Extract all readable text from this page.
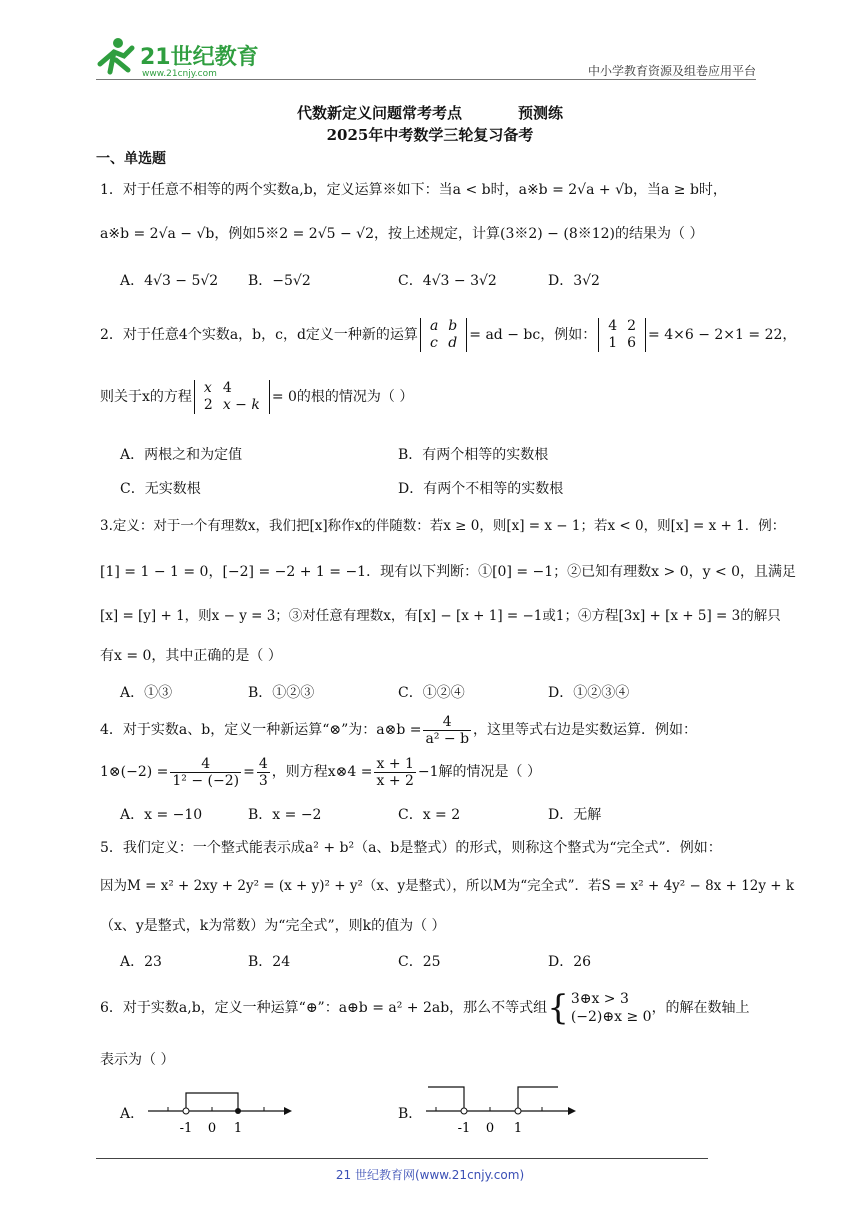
21世纪教育
www.21cnjy.com	中小学教育资源及组卷应用平台
代数新定义问题常考考点	预测练
2025年中考数学三轮复习备考
一、单选题
1．对于任意不相等的两个实数a,b，定义运算※如下：当a < b时，a※b = 2√a + √b，当a ≥ b时，
a※b = 2√a − √b，例如5※2 = 2√5 − √2，按上述规定，计算(3※2) − (8※12)的结果为（ ）
A．4√3 − 5√2 B．−5√2	C．4√3 − 3√2	D．3√2
2．对于任意4个实数a，b，c，d定义一种新的运算
a	b
c	d = ad − bc，例如：
4	2
1	6 = 4×6 − 2×1 = 22，
则关于x的方程
x	4
2	x − k = 0的根的情况为（ ）
A．两根之和为定值	B．有两个相等的实数根
C．无实数根	D．有两个不相等的实数根
3.定义：对于一个有理数x，我们把[x]称作x的伴随数：若x ≥ 0，则[x] = x − 1；若x < 0，则[x] = x + 1．例：
[1] = 1 − 1 = 0，[−2] = −2 + 1 = −1．现有以下判断：①[0] = −1；②已知有理数x > 0，y < 0，且满足
[x] = [y] + 1，则x − y = 3；③对任意有理数x，有[x] − [x + 1] = −1或1；④方程[3x] + [x + 5] = 3的解只
有x = 0，其中正确的是（ ）
A．①③	B．①②③	C．①②④	D．①②③④
4．对于实数a、b，定义一种新运算“⊗”为：a⊗b = $\frac{4}{\text{a² − b}}$ ，这里等式右边是实数运算．例如：
1⊗(−2) = $\frac{4}{\text{1² − (−2)}} = \frac{4}{3}$ ，则方程x⊗4 = $\frac{x + 1}{x + 2} -1$解的情况是（ ）
A．x = −10	B．x = −2	C．x = 2	D．无解
5．我们定义：一个整式能表示成a² + b²（a、b是整式）的形式，则称这个整式为“完全式”．例如：
因为M = x² + 2xy + 2y² = (x + y)² + y²（x、y是整式），所以M为“完全式”．若S = x² + 4y² − 8x + 12y + k
（x、y是整式，k为常数）为“完全式”，则k的值为（ ）
A．23	B．24	C．25	D．26
6．对于实数a,b，定义一种运算“⊕”：a⊕b = a² + 2ab，那么不等式组{ 3⊕x > 3
(−2)⊕x ≥ 0
，的解在数轴上
表示为（ ）
A．
-1 0 1
B．
-1 0 1
21 世纪教育网(www.21cnjy.com)
